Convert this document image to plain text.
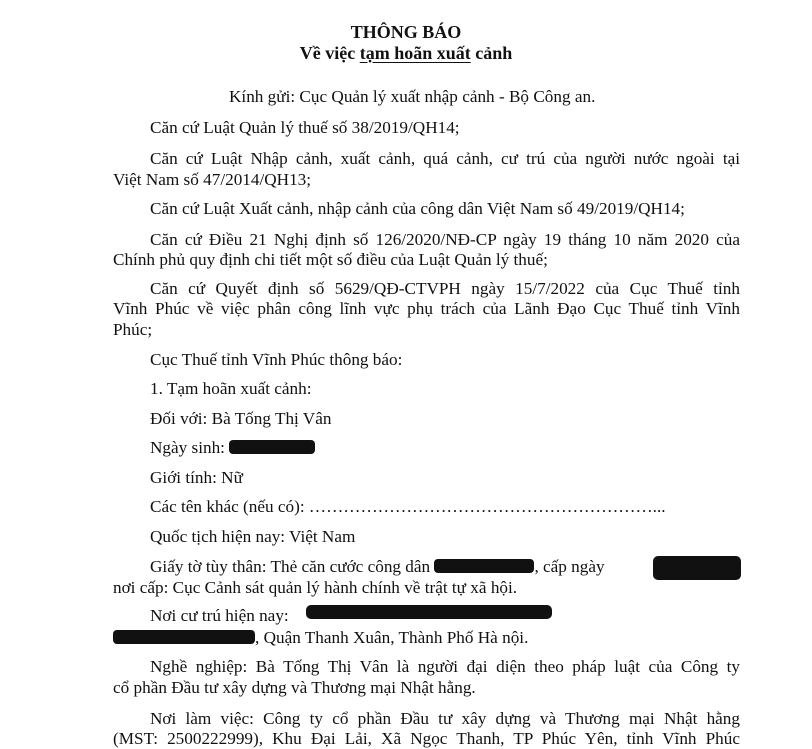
THÔNG BÁO
Về việc tạm hoãn xuất cảnh
Kính gửi: Cục Quản lý xuất nhập cảnh - Bộ Công an.
Căn cứ Luật Quản lý thuế số 38/2019/QH14;
Căn cứ Luật Nhập cảnh, xuất cảnh, quá cảnh, cư trú của người nước ngoài tại
Việt Nam số 47/2014/QH13;
Căn cứ Luật Xuất cảnh, nhập cảnh của công dân Việt Nam số 49/2019/QH14;
Căn cứ Điều 21 Nghị định số 126/2020/NĐ-CP ngày 19 tháng 10 năm 2020 của
Chính phủ quy định chi tiết một số điều của Luật Quản lý thuế;
Căn cứ Quyết định số 5629/QĐ-CTVPH ngày 15/7/2022 của Cục Thuế tỉnh
Vĩnh Phúc về việc phân công lĩnh vực phụ trách của Lãnh Đạo Cục Thuế tỉnh Vĩnh
Phúc;
Cục Thuế tỉnh Vĩnh Phúc thông báo:
1. Tạm hoãn xuất cảnh:
Đối với: Bà Tống Thị Vân
Ngày sinh:
Giới tính: Nữ
Các tên khác (nếu có): ……………………………………………………...
Quốc tịch hiện nay: Việt Nam
Giấy tờ tùy thân: Thẻ căn cước công dân	, cấp ngày
nơi cấp: Cục Cảnh sát quản lý hành chính về trật tự xã hội.
Nơi cư trú hiện nay:
, Quận Thanh Xuân, Thành Phố Hà nội.
Nghề nghiệp: Bà Tống Thị Vân là người đại diện theo pháp luật của Công ty
cổ phần Đầu tư xây dựng và Thương mại Nhật hằng.
Nơi làm việc: Công ty cổ phần Đầu tư xây dựng và Thương mại Nhật hằng
(MST: 2500222999), Khu Đại Lải, Xã Ngọc Thanh, TP Phúc Yên, tỉnh Vĩnh Phúc
